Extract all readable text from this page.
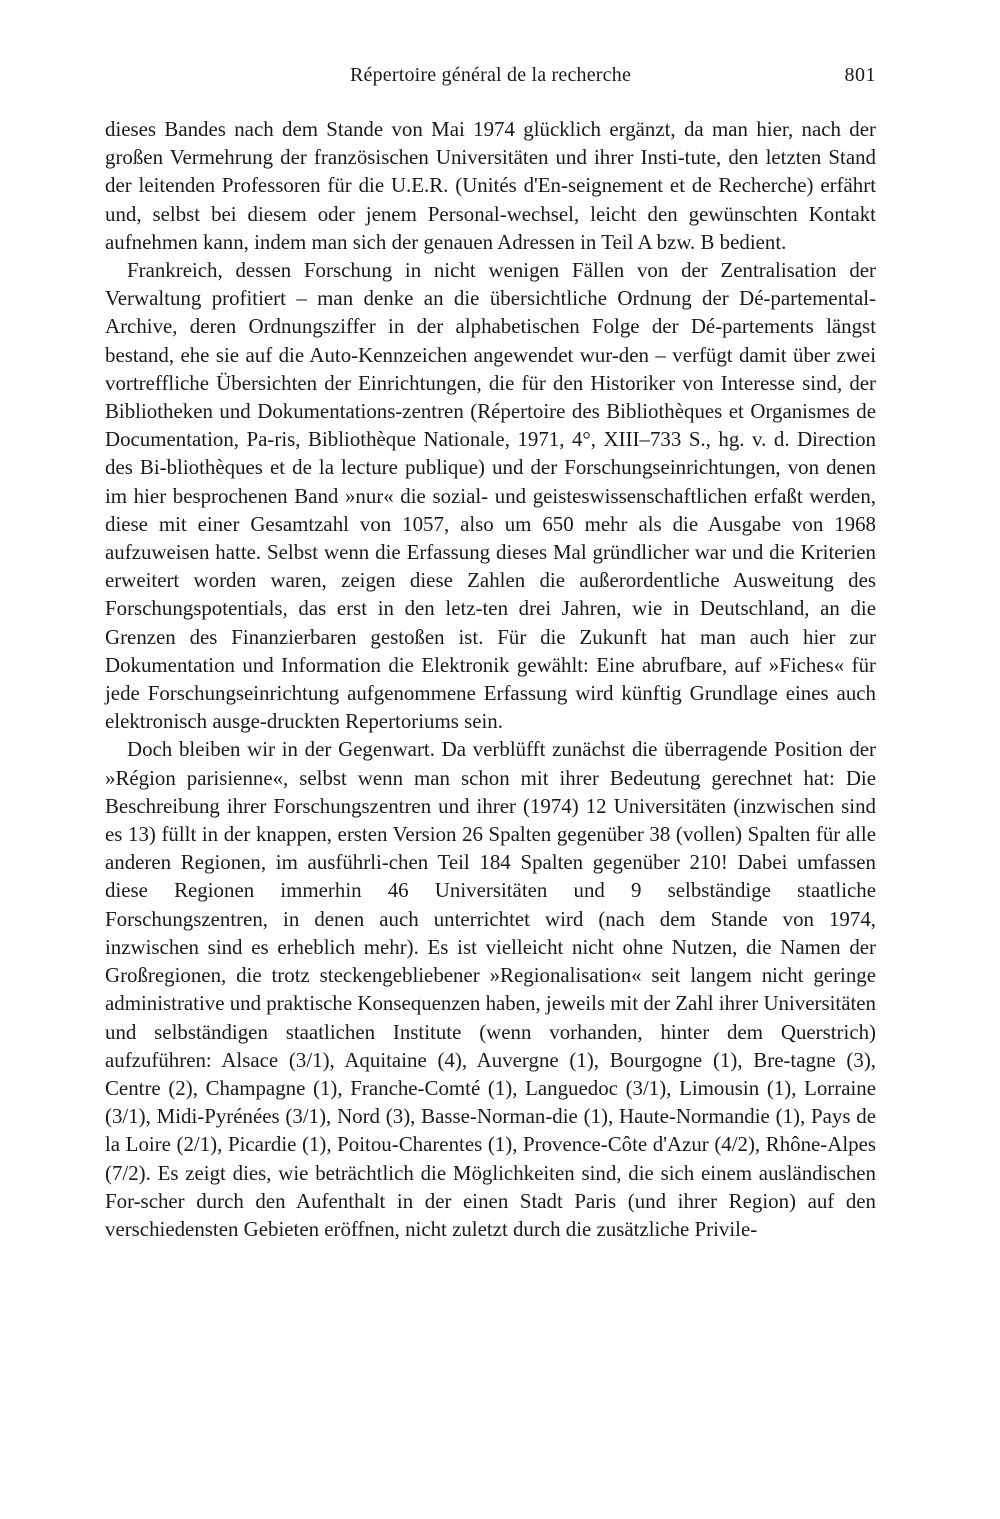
Répertoire général de la recherche	801

dieses Bandes nach dem Stande von Mai 1974 glücklich ergänzt, da man hier, nach der großen Vermehrung der französischen Universitäten und ihrer Insti-tute, den letzten Stand der leitenden Professoren für die U.E.R. (Unités d'En-seignement et de Recherche) erfährt und, selbst bei diesem oder jenem Personal-wechsel, leicht den gewünschten Kontakt aufnehmen kann, indem man sich der genauen Adressen in Teil A bzw. B bedient.

Frankreich, dessen Forschung in nicht wenigen Fällen von der Zentralisation der Verwaltung profitiert – man denke an die übersichtliche Ordnung der Dé-partemental-Archive, deren Ordnungsziffer in der alphabetischen Folge der Dé-partements längst bestand, ehe sie auf die Auto-Kennzeichen angewendet wur-den – verfügt damit über zwei vortreffliche Übersichten der Einrichtungen, die für den Historiker von Interesse sind, der Bibliotheken und Dokumentations-zentren (Répertoire des Bibliothèques et Organismes de Documentation, Pa-ris, Bibliothèque Nationale, 1971, 4°, XIII–733 S., hg. v. d. Direction des Bi-bliothèques et de la lecture publique) und der Forschungseinrichtungen, von denen im hier besprochenen Band »nur« die sozial- und geisteswissenschaftlichen erfaßt werden, diese mit einer Gesamtzahl von 1057, also um 650 mehr als die Ausgabe von 1968 aufzuweisen hatte. Selbst wenn die Erfassung dieses Mal gründlicher war und die Kriterien erweitert worden waren, zeigen diese Zahlen die außerordentliche Ausweitung des Forschungspotentials, das erst in den letz-ten drei Jahren, wie in Deutschland, an die Grenzen des Finanzierbaren gestoßen ist. Für die Zukunft hat man auch hier zur Dokumentation und Information die Elektronik gewählt: Eine abrufbare, auf »Fiches« für jede Forschungseinrichtung aufgenommene Erfassung wird künftig Grundlage eines auch elektronisch ausge-druckten Repertoriums sein.

Doch bleiben wir in der Gegenwart. Da verblüfft zunächst die überragende Position der »Région parisienne«, selbst wenn man schon mit ihrer Bedeutung gerechnet hat: Die Beschreibung ihrer Forschungszentren und ihrer (1974) 12 Universitäten (inzwischen sind es 13) füllt in der knappen, ersten Version 26 Spalten gegenüber 38 (vollen) Spalten für alle anderen Regionen, im ausführli-chen Teil 184 Spalten gegenüber 210! Dabei umfassen diese Regionen immerhin 46 Universitäten und 9 selbständige staatliche Forschungszentren, in denen auch unterrichtet wird (nach dem Stande von 1974, inzwischen sind es erheblich mehr). Es ist vielleicht nicht ohne Nutzen, die Namen der Großregionen, die trotz steckengebliebener »Regionalisation« seit langem nicht geringe administrative und praktische Konsequenzen haben, jeweils mit der Zahl ihrer Universitäten und selbständigen staatlichen Institute (wenn vorhanden, hinter dem Querstrich) aufzuführen: Alsace (3/1), Aquitaine (4), Auvergne (1), Bourgogne (1), Bre-tagne (3), Centre (2), Champagne (1), Franche-Comté (1), Languedoc (3/1), Limousin (1), Lorraine (3/1), Midi-Pyrénées (3/1), Nord (3), Basse-Norman-die (1), Haute-Normandie (1), Pays de la Loire (2/1), Picardie (1), Poitou-Charentes (1), Provence-Côte d'Azur (4/2), Rhône-Alpes (7/2). Es zeigt dies, wie beträchtlich die Möglichkeiten sind, die sich einem ausländischen For-scher durch den Aufenthalt in der einen Stadt Paris (und ihrer Region) auf den verschiedensten Gebieten eröffnen, nicht zuletzt durch die zusätzliche Privile-
